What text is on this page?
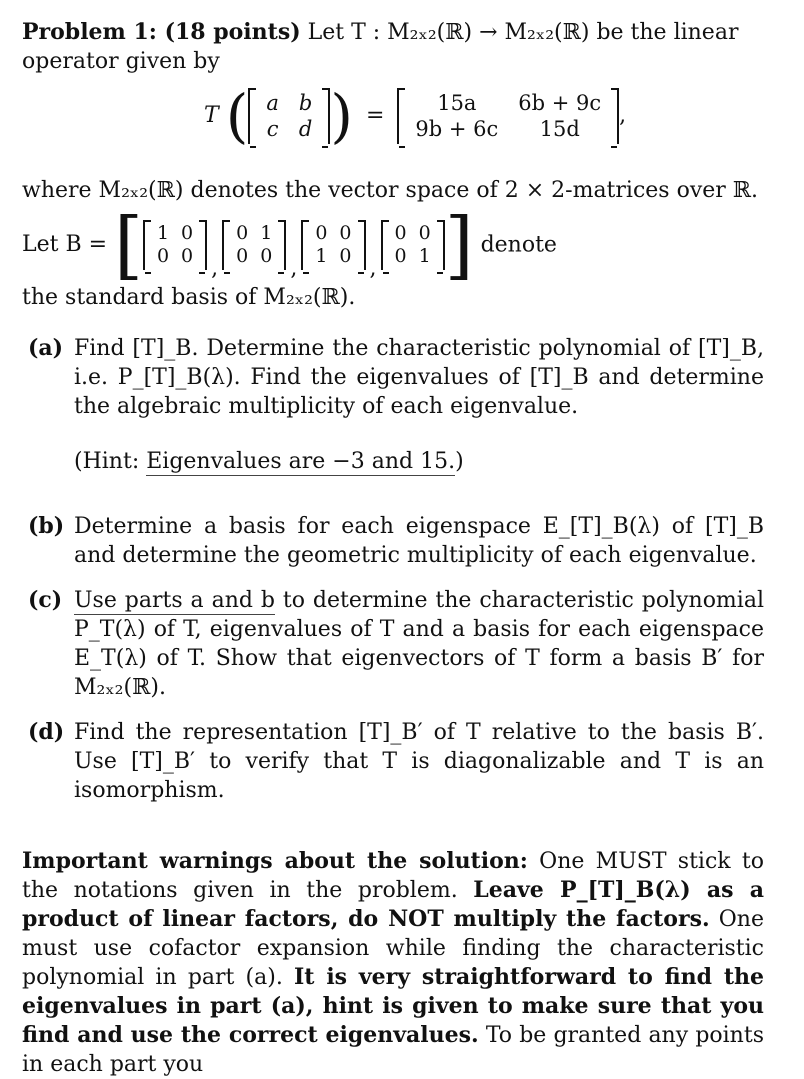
Problem 1: (18 points) Let T : M₂ₓ₂(ℝ) → M₂ₓ₂(ℝ) be the linear operator given by

T ( a	b
c	d ) =	15a	6b + 9c
9b + 6c	15d
,

where M₂ₓ₂(ℝ) denotes the vector space of 2 × 2-matrices over ℝ.

Let B = [ 1	0
0	0 ,
0	1
0	0 ,
0	0
1	0 ,
0	0
0	1 ] denote

the standard basis of M₂ₓ₂(ℝ).

(a) Find [T]_B. Determine the characteristic polynomial of [T]_B, i.e. P_[T]_B(λ). Find the eigenvalues of [T]_B and determine the algebraic multiplicity of each eigenvalue.
(Hint: Eigenvalues are −3 and 15.)
(b) Determine a basis for each eigenspace E_[T]_B(λ) of [T]_B and determine the geometric multiplicity of each eigenvalue.
(c) Use parts a and b to determine the characteristic polynomial P_T(λ) of T, eigenvalues of T and a basis for each eigenspace E_T(λ) of T. Show that eigenvectors of T form a basis B′ for M₂ₓ₂(ℝ).
(d) Find the representation [T]_B′ of T relative to the basis B′. Use [T]_B′ to verify that T is diagonalizable and T is an isomorphism.
Important warnings about the solution: One MUST stick to the notations given in the problem. Leave P_[T]_B(λ) as a product of linear factors, do NOT multiply the factors. One must use cofactor expansion while finding the characteristic polynomial in part (a). It is very straightforward to find the eigenvalues in part (a), hint is given to make sure that you find and use the correct eigenvalues. To be granted any points in each part you
